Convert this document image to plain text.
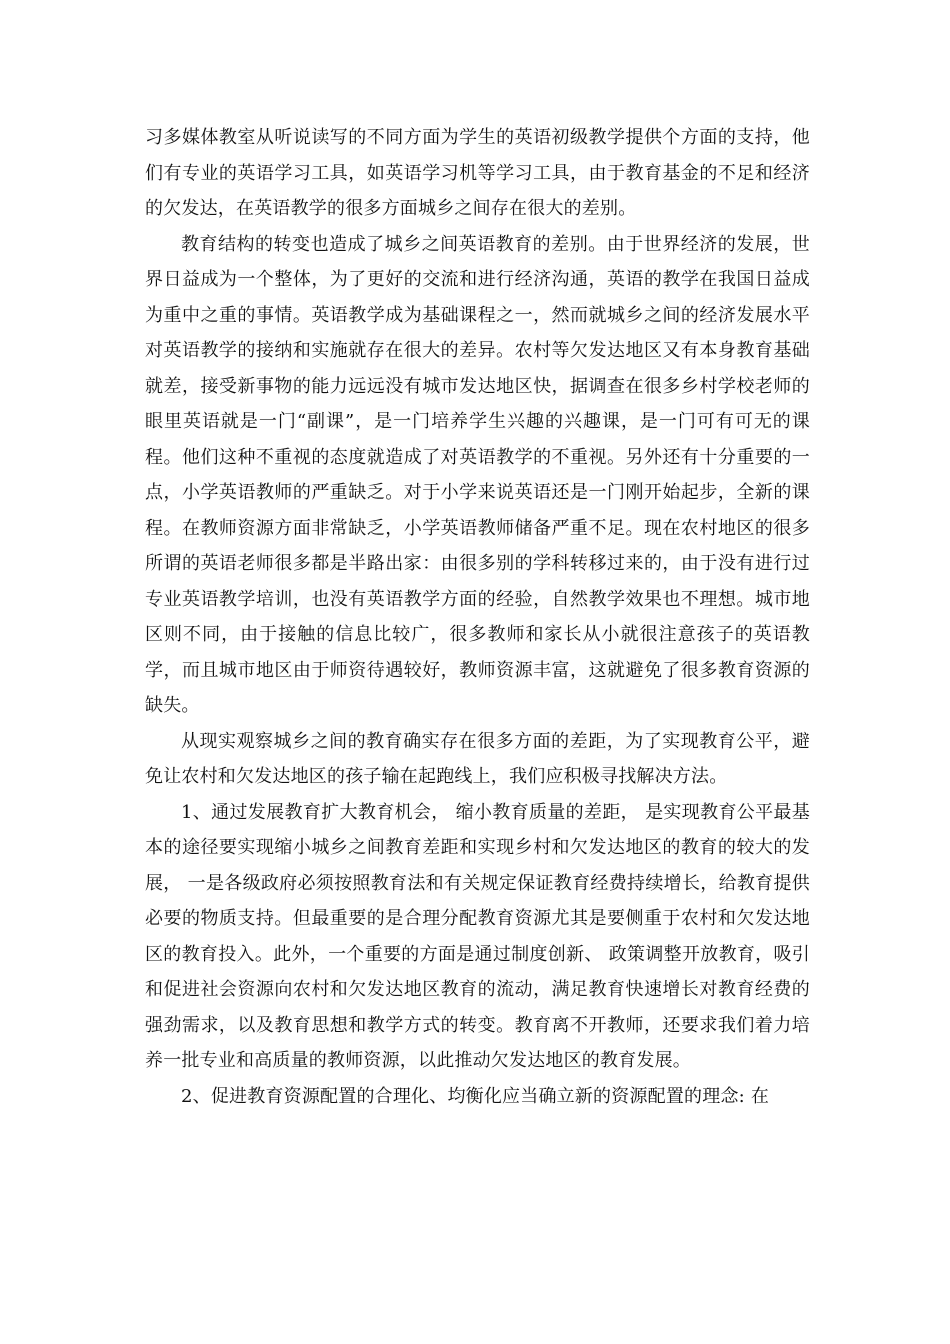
习多媒体教室从听说读写的不同方面为学生的英语初级教学提供个方面的支持，他们有专业的英语学习工具，如英语学习机等学习工具，由于教育基金的不足和经济的欠发达，在英语教学的很多方面城乡之间存在很大的差别。

教育结构的转变也造成了城乡之间英语教育的差别。由于世界经济的发展，世界日益成为一个整体，为了更好的交流和进行经济沟通，英语的教学在我国日益成为重中之重的事情。英语教学成为基础课程之一，然而就城乡之间的经济发展水平对英语教学的接纳和实施就存在很大的差异。农村等欠发达地区又有本身教育基础就差，接受新事物的能力远远没有城市发达地区快，据调查在很多乡村学校老师的眼里英语就是一门“副课”，是一门培养学生兴趣的兴趣课，是一门可有可无的课程。他们这种不重视的态度就造成了对英语教学的不重视。另外还有十分重要的一点，小学英语教师的严重缺乏。对于小学来说英语还是一门刚开始起步，全新的课程。在教师资源方面非常缺乏，小学英语教师储备严重不足。现在农村地区的很多所谓的英语老师很多都是半路出家：由很多别的学科转移过来的，由于没有进行过专业英语教学培训，也没有英语教学方面的经验，自然教学效果也不理想。城市地区则不同，由于接触的信息比较广，很多教师和家长从小就很注意孩子的英语教学，而且城市地区由于师资待遇较好，教师资源丰富，这就避免了很多教育资源的缺失。

从现实观察城乡之间的教育确实存在很多方面的差距，为了实现教育公平，避免让农村和欠发达地区的孩子输在起跑线上，我们应积极寻找解决方法。

1、通过发展教育扩大教育机会， 缩小教育质量的差距， 是实现教育公平最基本的途径要实现缩小城乡之间教育差距和实现乡村和欠发达地区的教育的较大的发展， 一是各级政府必须按照教育法和有关规定保证教育经费持续增长，给教育提供必要的物质支持。但最重要的是合理分配教育资源尤其是要侧重于农村和欠发达地区的教育投入。此外，一个重要的方面是通过制度创新、 政策调整开放教育，吸引和促进社会资源向农村和欠发达地区教育的流动，满足教育快速增长对教育经费的强劲需求，以及教育思想和教学方式的转变。教育离不开教师，还要求我们着力培养一批专业和高质量的教师资源，以此推动欠发达地区的教育发展。

2、促进教育资源配置的合理化、均衡化应当确立新的资源配置的理念: 在
